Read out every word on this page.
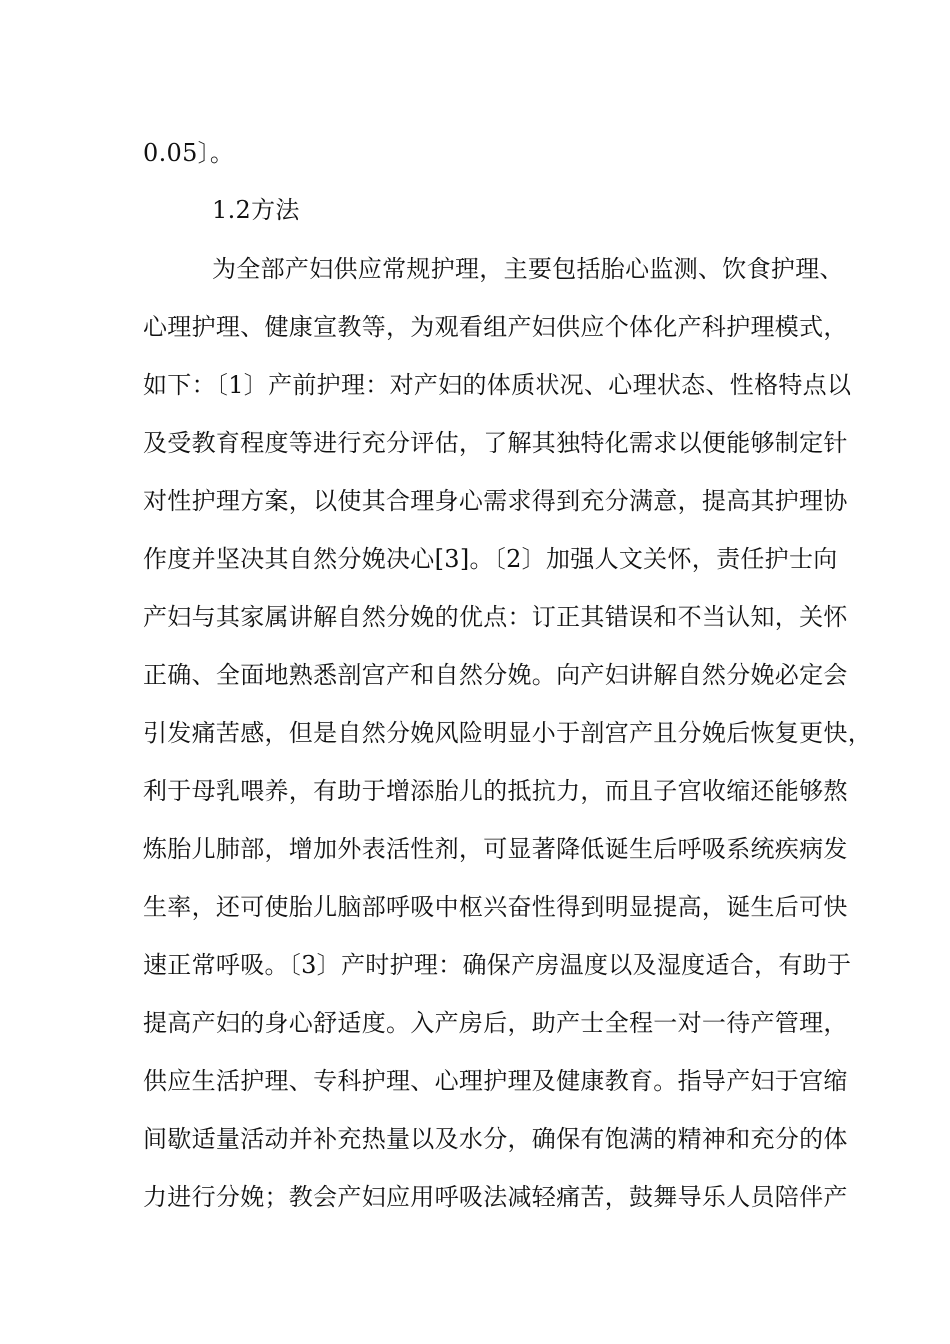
0.05〕。
1.2方法
为全部产妇供应常规护理，主要包括胎心监测、饮食护理、
心理护理、健康宣教等，为观看组产妇供应个体化产科护理模式，
如下：〔1〕产前护理：对产妇的体质状况、心理状态、性格特点以
及受教育程度等进行充分评估，了解其独特化需求以便能够制定针
对性护理方案，以使其合理身心需求得到充分满意，提高其护理协
作度并坚决其自然分娩决心[3]。〔2〕加强人文关怀，责任护士向
产妇与其家属讲解自然分娩的优点：订正其错误和不当认知，关怀
正确、全面地熟悉剖宫产和自然分娩。向产妇讲解自然分娩必定会
引发痛苦感，但是自然分娩风险明显小于剖宫产且分娩后恢复更快，
利于母乳喂养，有助于增添胎儿的抵抗力，而且子宫收缩还能够熬
炼胎儿肺部，增加外表活性剂，可显著降低诞生后呼吸系统疾病发
生率，还可使胎儿脑部呼吸中枢兴奋性得到明显提高，诞生后可快
速正常呼吸。〔3〕产时护理：确保产房温度以及湿度适合，有助于
提高产妇的身心舒适度。入产房后，助产士全程一对一待产管理，
供应生活护理、专科护理、心理护理及健康教育。指导产妇于宫缩
间歇适量活动并补充热量以及水分，确保有饱满的精神和充分的体
力进行分娩；教会产妇应用呼吸法减轻痛苦，鼓舞导乐人员陪伴产
